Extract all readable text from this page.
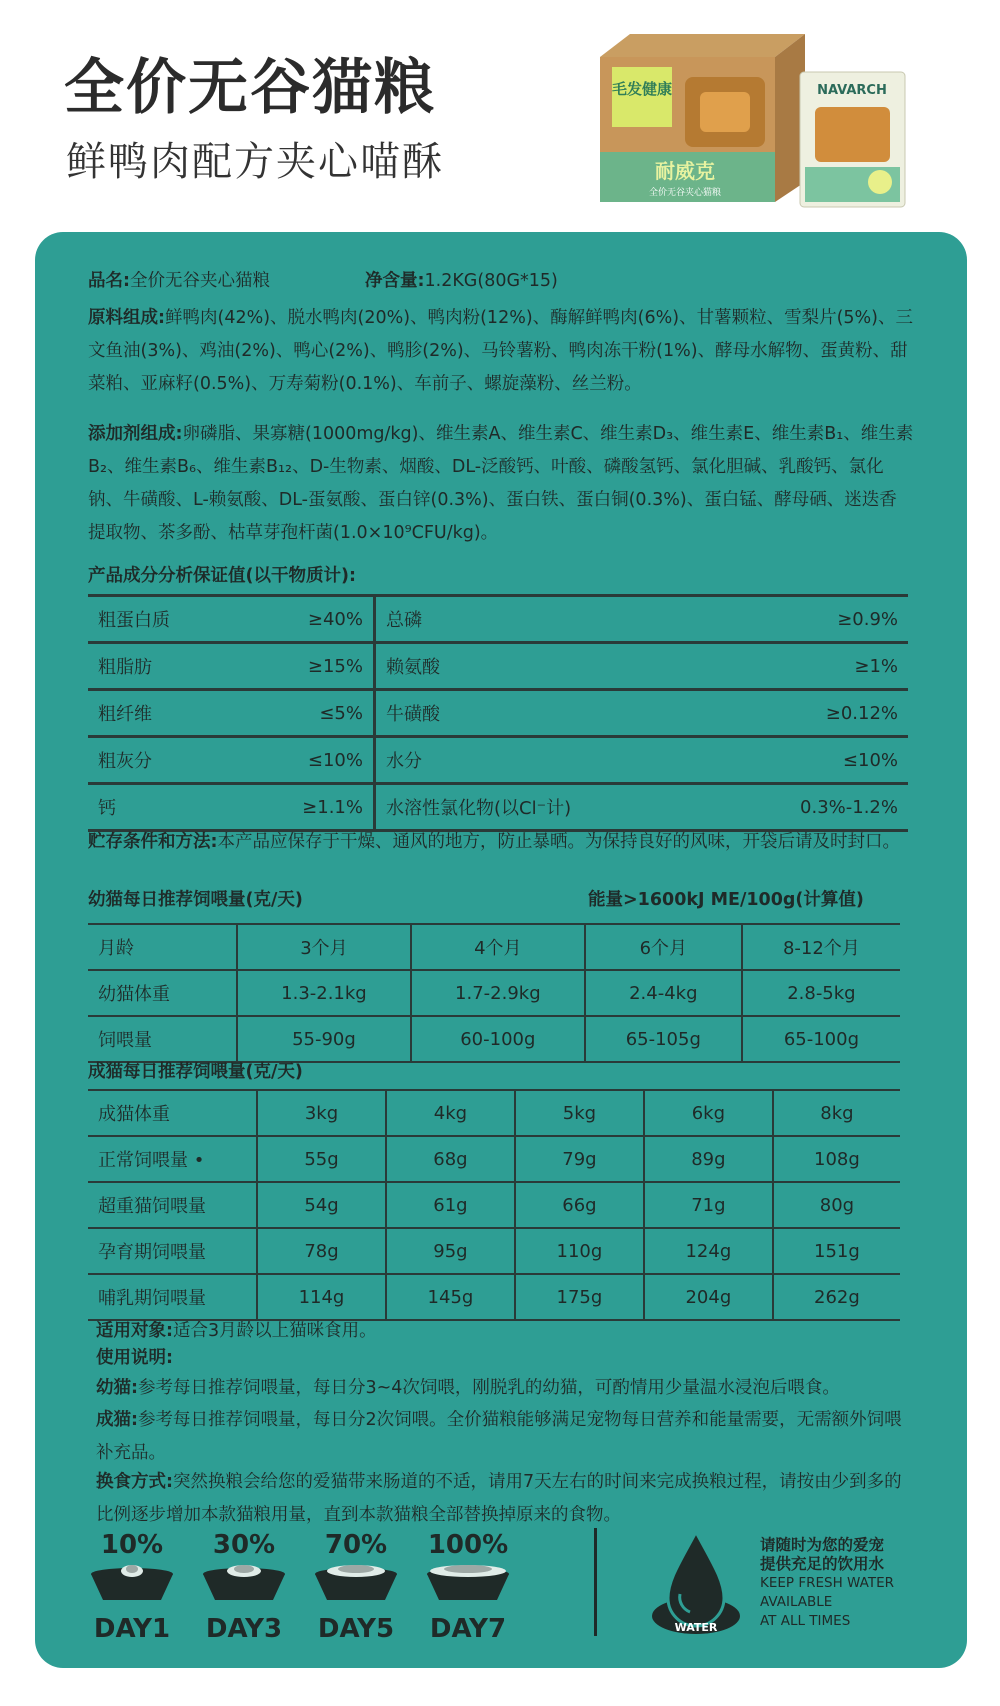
全价无谷猫粮
鲜鸭肉配方夹心喵酥
毛发健康
耐威克
全价无谷夹心猫粮
NAVARCH
品名:全价无谷夹心猫粮	净含量:1.2KG(80G*15)
原料组成:鲜鸭肉(42%)、脱水鸭肉(20%)、鸭肉粉(12%)、酶解鲜鸭肉(6%)、甘薯颗粒、雪梨片(5%)、三文鱼油(3%)、鸡油(2%)、鸭心(2%)、鸭胗(2%)、马铃薯粉、鸭肉冻干粉(1%)、酵母水解物、蛋黄粉、甜菜粕、亚麻籽(0.5%)、万寿菊粉(0.1%)、车前子、螺旋藻粉、丝兰粉。
添加剂组成:卵磷脂、果寡糖(1000mg/kg)、维生素A、维生素C、维生素D₃、维生素E、维生素B₁、维生素B₂、维生素B₆、维生素B₁₂、D-生物素、烟酸、DL-泛酸钙、叶酸、磷酸氢钙、氯化胆碱、乳酸钙、氯化钠、牛磺酸、L-赖氨酸、DL-蛋氨酸、蛋白锌(0.3%)、蛋白铁、蛋白铜(0.3%)、蛋白锰、酵母硒、迷迭香提取物、茶多酚、枯草芽孢杆菌(1.0×10⁹CFU/kg)。
产品成分分析保证值(以干物质计):
粗蛋白质	≥40%	总磷	≥0.9%
粗脂肪	≥15%	赖氨酸	≥1%
粗纤维	≤5%	牛磺酸	≥0.12%
粗灰分	≤10%	水分	≤10%
钙	≥1.1%	水溶性氯化物(以Cl⁻计)	0.3%-1.2%
贮存条件和方法:本产品应保存于干燥、通风的地方，防止暴晒。为保持良好的风味，开袋后请及时封口。
幼猫每日推荐饲喂量(克/天)	能量>1600kJ ME/100g(计算值)
月龄	3个月	4个月	6个月	8-12个月
幼猫体重	1.3-2.1kg	1.7-2.9kg	2.4-4kg	2.8-5kg
饲喂量	55-90g	60-100g	65-105g	65-100g
成猫每日推荐饲喂量(克/天)
成猫体重	3kg	4kg	5kg	6kg	8kg
正常饲喂量 •	55g	68g	79g	89g	108g
超重猫饲喂量	54g	61g	66g	71g	80g
孕育期饲喂量	78g	95g	110g	124g	151g
哺乳期饲喂量	114g	145g	175g	204g	262g
适用对象:适合3月龄以上猫咪食用。
使用说明:
幼猫:参考每日推荐饲喂量，每日分3~4次饲喂，刚脱乳的幼猫，可酌情用少量温水浸泡后喂食。
成猫:参考每日推荐饲喂量，每日分2次饲喂。全价猫粮能够满足宠物每日营养和能量需要，无需额外饲喂补充品。
换食方式:突然换粮会给您的爱猫带来肠道的不适，请用7天左右的时间来完成换粮过程，请按由少到多的比例逐步增加本款猫粮用量，直到本款猫粮全部替换掉原来的食物。
10%
DAY1
30%
DAY3
70%
DAY5
100%
DAY7	WATER
请随时为您的爱宠
提供充足的饮用水
KEEP FRESH WATER
AVAILABLE
AT ALL TIMES
